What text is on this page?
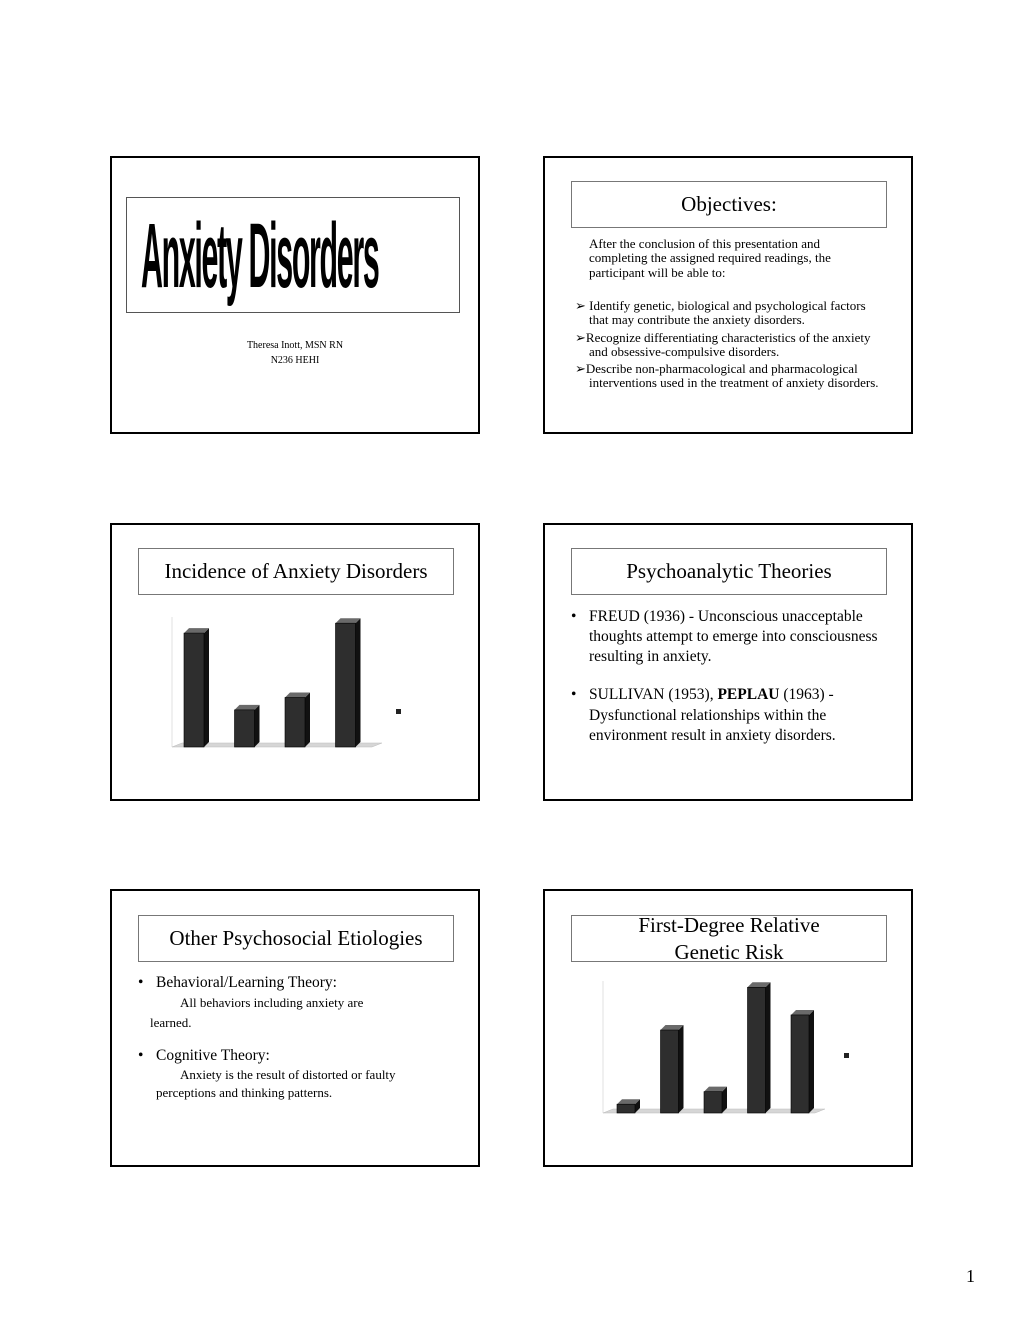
Anxiety Disorders
Theresa Inott, MSN RN
N236 HEHI
Objectives:
After the conclusion of this presentation and completing the assigned required readings, the participant will be able to:
➢ Identify genetic, biological and psychological factors that may contribute the anxiety disorders.
➢Recognize differentiating characteristics of the anxiety and obsessive-compulsive disorders.
➢Describe non-pharmacological and pharmacological interventions used in the treatment of anxiety disorders.
Incidence of Anxiety Disorders	Psychoanalytic Theories
• FREUD (1936) - Unconscious unacceptable thoughts attempt to emerge into consciousness resulting in anxiety.
• SULLIVAN (1953), PEPLAU (1963) - Dysfunctional relationships within the environment result in anxiety disorders.
Other Psychosocial Etiologies
• Behavioral/Learning Theory:
All behaviors including anxiety are
learned.
• Cognitive Theory:
Anxiety is the result of distorted or faulty
perceptions and thinking patterns.
First-Degree Relative
Genetic Risk
1
